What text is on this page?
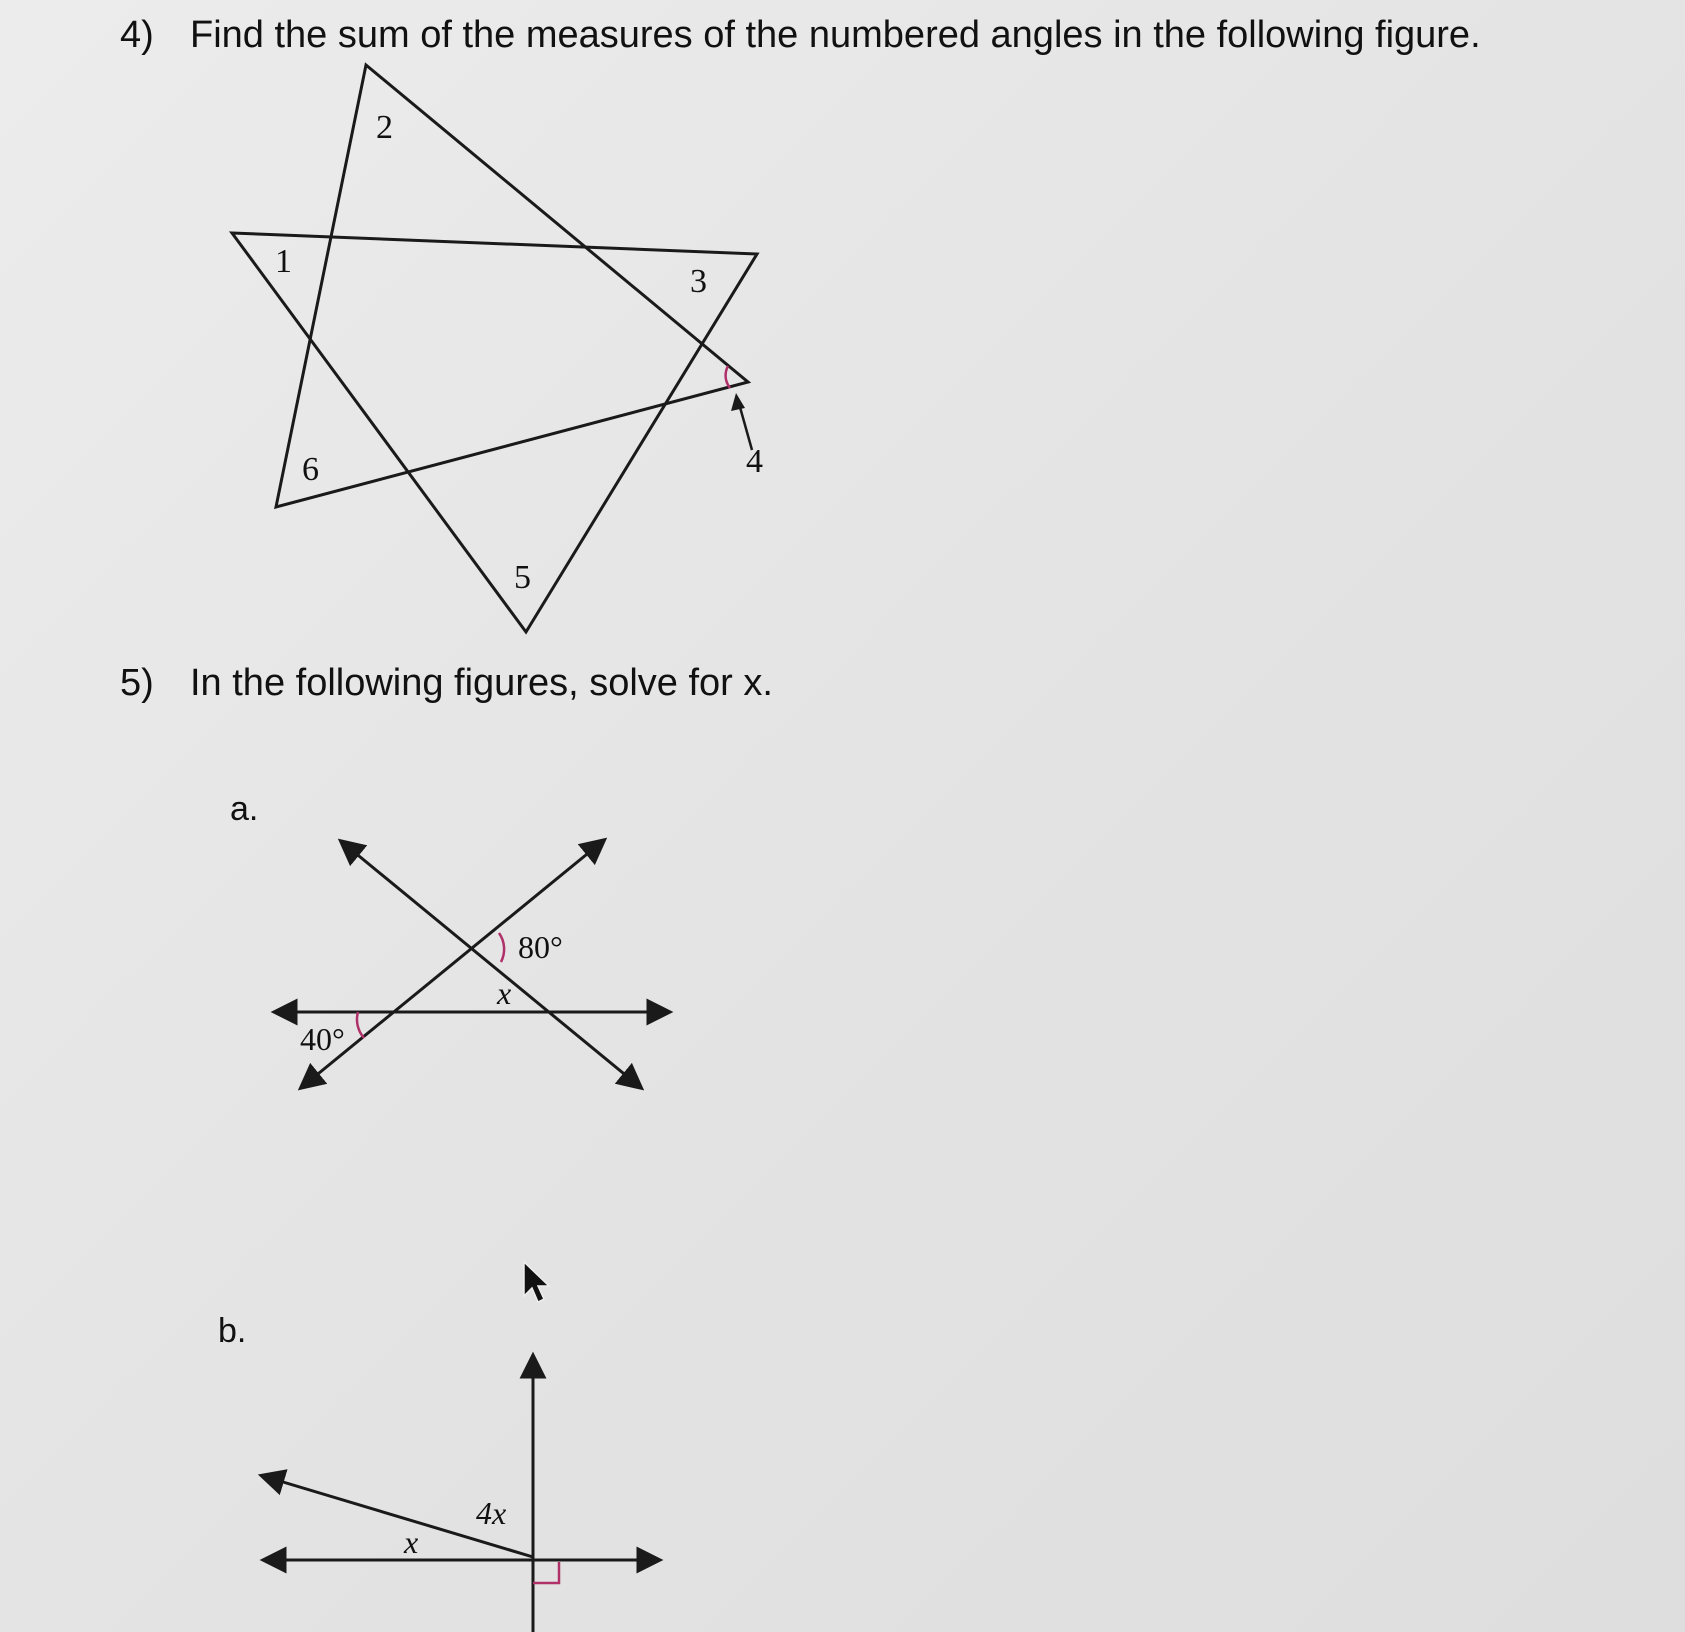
4) Find the sum of the measures of the numbered angles in the following figure.
2
1
3
6	4
5
5) In the following figures, solve for x.
a.
80°
x
40°
b.
4x
x
